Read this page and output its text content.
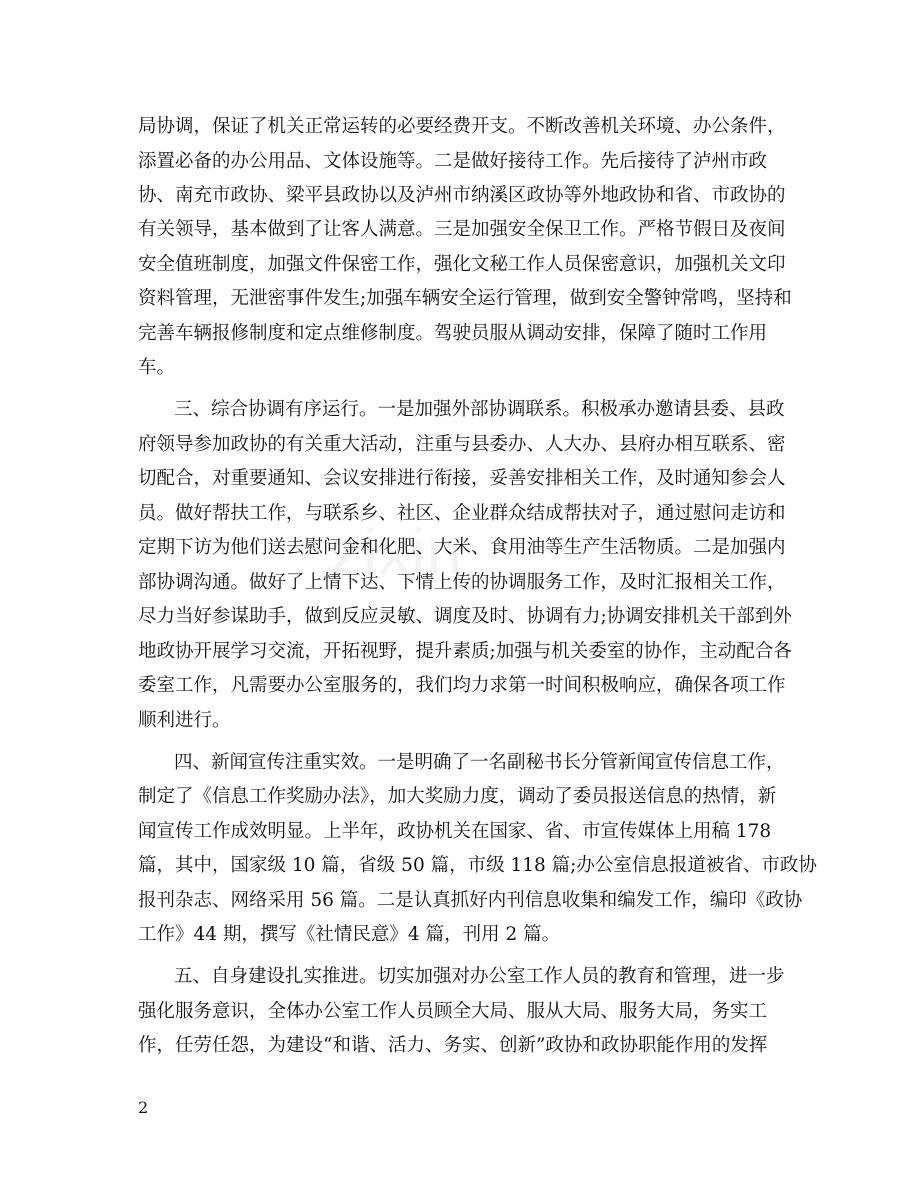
zixin
局协调，保证了机关正常运转的必要经费开支。不断改善机关环境、办公条件，
添置必备的办公用品、文体设施等。二是做好接待工作。先后接待了泸州市政
协、南充市政协、梁平县政协以及泸州市纳溪区政协等外地政协和省、市政协的
有关领导，基本做到了让客人满意。三是加强安全保卫工作。严格节假日及夜间
安全值班制度，加强文件保密工作，强化文秘工作人员保密意识，加强机关文印
资料管理，无泄密事件发生;加强车辆安全运行管理，做到安全警钟常鸣，坚持和
完善车辆报修制度和定点维修制度。驾驶员服从调动安排，保障了随时工作用
车。
三、综合协调有序运行。一是加强外部协调联系。积极承办邀请县委、县政
府领导参加政协的有关重大活动，注重与县委办、人大办、县府办相互联系、密
切配合，对重要通知、会议安排进行衔接，妥善安排相关工作，及时通知参会人
员。做好帮扶工作，与联系乡、社区、企业群众结成帮扶对子，通过慰问走访和
定期下访为他们送去慰问金和化肥、大米、食用油等生产生活物质。二是加强内
部协调沟通。做好了上情下达、下情上传的协调服务工作，及时汇报相关工作，
尽力当好参谋助手，做到反应灵敏、调度及时、协调有力;协调安排机关干部到外
地政协开展学习交流，开拓视野，提升素质;加强与机关委室的协作，主动配合各
委室工作，凡需要办公室服务的，我们均力求第一时间积极响应，确保各项工作
顺利进行。
四、新闻宣传注重实效。一是明确了一名副秘书长分管新闻宣传信息工作，
制定了《信息工作奖励办法》，加大奖励力度，调动了委员报送信息的热情，新
闻宣传工作成效明显。上半年，政协机关在国家、省、市宣传媒体上用稿 178
篇，其中，国家级 10 篇，省级 50 篇，市级 118 篇;办公室信息报道被省、市政协
报刊杂志、网络采用 56 篇。二是认真抓好内刊信息收集和编发工作，编印《政协
工作》44 期，撰写《社情民意》4 篇，刊用 2 篇。
五、自身建设扎实推进。切实加强对办公室工作人员的教育和管理，进一步
强化服务意识，全体办公室工作人员顾全大局、服从大局、服务大局，务实工
作，任劳任怨，为建设“和谐、活力、务实、创新”政协和政协职能作用的发挥
2
